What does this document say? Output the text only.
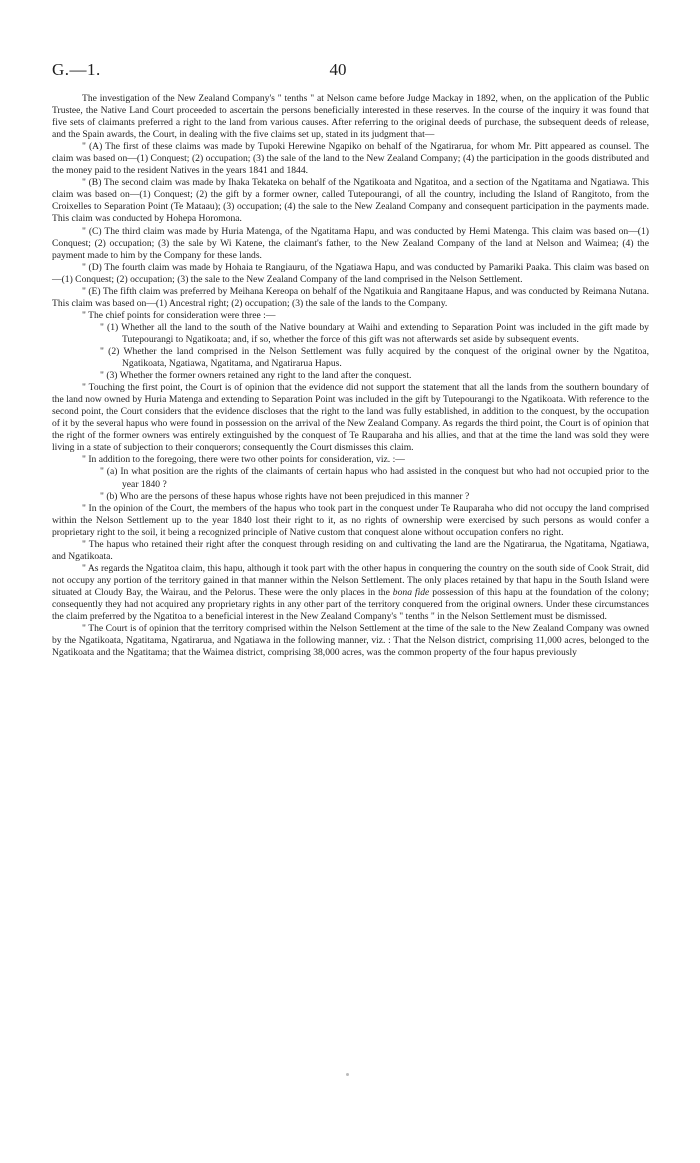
G.—1.	40

The investigation of the New Zealand Company's " tenths " at Nelson came before Judge Mackay in 1892, when, on the application of the Public Trustee, the Native Land Court proceeded to ascertain the persons beneficially interested in these reserves. In the course of the inquiry it was found that five sets of claimants preferred a right to the land from various causes. After referring to the original deeds of purchase, the subsequent deeds of release, and the Spain awards, the Court, in dealing with the five claims set up, stated in its judgment that—

" (A) The first of these claims was made by Tupoki Herewine Ngapiko on behalf of the Ngatirarua, for whom Mr. Pitt appeared as counsel. The claim was based on—(1) Conquest; (2) occupation; (3) the sale of the land to the New Zealand Company; (4) the participation in the goods distributed and the money paid to the resident Natives in the years 1841 and 1844.

" (B) The second claim was made by Ihaka Tekateka on behalf of the Ngatikoata and Ngatitoa, and a section of the Ngatitama and Ngatiawa. This claim was based on—(1) Conquest; (2) the gift by a former owner, called Tutepourangi, of all the country, including the Island of Rangitoto, from the Croixelles to Separation Point (Te Mataau); (3) occupation; (4) the sale to the New Zealand Company and consequent participation in the payments made. This claim was conducted by Hohepa Horomona.

" (C) The third claim was made by Huria Matenga, of the Ngatitama Hapu, and was conducted by Hemi Matenga. This claim was based on—(1) Conquest; (2) occupation; (3) the sale by Wi Katene, the claimant's father, to the New Zealand Company of the land at Nelson and Waimea; (4) the payment made to him by the Company for these lands.

" (D) The fourth claim was made by Hohaia te Rangiauru, of the Ngatiawa Hapu, and was conducted by Pamariki Paaka. This claim was based on—(1) Conquest; (2) occupation; (3) the sale to the New Zealand Company of the land comprised in the Nelson Settlement.

" (E) The fifth claim was preferred by Meihana Kereopa on behalf of the Ngatikuia and Rangitaane Hapus, and was conducted by Reimana Nutana. This claim was based on—(1) Ancestral right; (2) occupation; (3) the sale of the lands to the Company.

" The chief points for consideration were three :—

" (1) Whether all the land to the south of the Native boundary at Waihi and extending to Separation Point was included in the gift made by Tutepourangi to Ngatikoata; and, if so, whether the force of this gift was not afterwards set aside by subsequent events.

" (2) Whether the land comprised in the Nelson Settlement was fully acquired by the conquest of the original owner by the Ngatitoa, Ngatikoata, Ngatiawa, Ngatitama, and Ngatirarua Hapus.

" (3) Whether the former owners retained any right to the land after the conquest.

" Touching the first point, the Court is of opinion that the evidence did not support the statement that all the lands from the southern boundary of the land now owned by Huria Matenga and extending to Separation Point was included in the gift by Tutepourangi to the Ngatikoata. With reference to the second point, the Court considers that the evidence discloses that the right to the land was fully established, in addition to the conquest, by the occupation of it by the several hapus who were found in possession on the arrival of the New Zealand Company. As regards the third point, the Court is of opinion that the right of the former owners was entirely extinguished by the conquest of Te Rauparaha and his allies, and that at the time the land was sold they were living in a state of subjection to their conquerors; consequently the Court dismisses this claim.

" In addition to the foregoing, there were two other points for consideration, viz. :—

" (a) In what position are the rights of the claimants of certain hapus who had assisted in the conquest but who had not occupied prior to the year 1840 ?

" (b) Who are the persons of these hapus whose rights have not been prejudiced in this manner ?

" In the opinion of the Court, the members of the hapus who took part in the conquest under Te Rauparaha who did not occupy the land comprised within the Nelson Settlement up to the year 1840 lost their right to it, as no rights of ownership were exercised by such persons as would confer a proprietary right to the soil, it being a recognized principle of Native custom that conquest alone without occupation confers no right.

" The hapus who retained their right after the conquest through residing on and cultivating the land are the Ngatirarua, the Ngatitama, Ngatiawa, and Ngatikoata.

" As regards the Ngatitoa claim, this hapu, although it took part with the other hapus in conquering the country on the south side of Cook Strait, did not occupy any portion of the territory gained in that manner within the Nelson Settlement. The only places retained by that hapu in the South Island were situated at Cloudy Bay, the Wairau, and the Pelorus. These were the only places in the bona fide possession of this hapu at the foundation of the colony; consequently they had not acquired any proprietary rights in any other part of the territory conquered from the original owners. Under these circumstances the claim preferred by the Ngatitoa to a beneficial interest in the New Zealand Company's " tenths " in the Nelson Settlement must be dismissed.

" The Court is of opinion that the territory comprised within the Nelson Settlement at the time of the sale to the New Zealand Company was owned by the Ngatikoata, Ngatitama, Ngatirarua, and Ngatiawa in the following manner, viz. : That the Nelson district, comprising 11,000 acres, belonged to the Ngatikoata and the Ngatitama; that the Waimea district, comprising 38,000 acres, was the common property of the four hapus previously
